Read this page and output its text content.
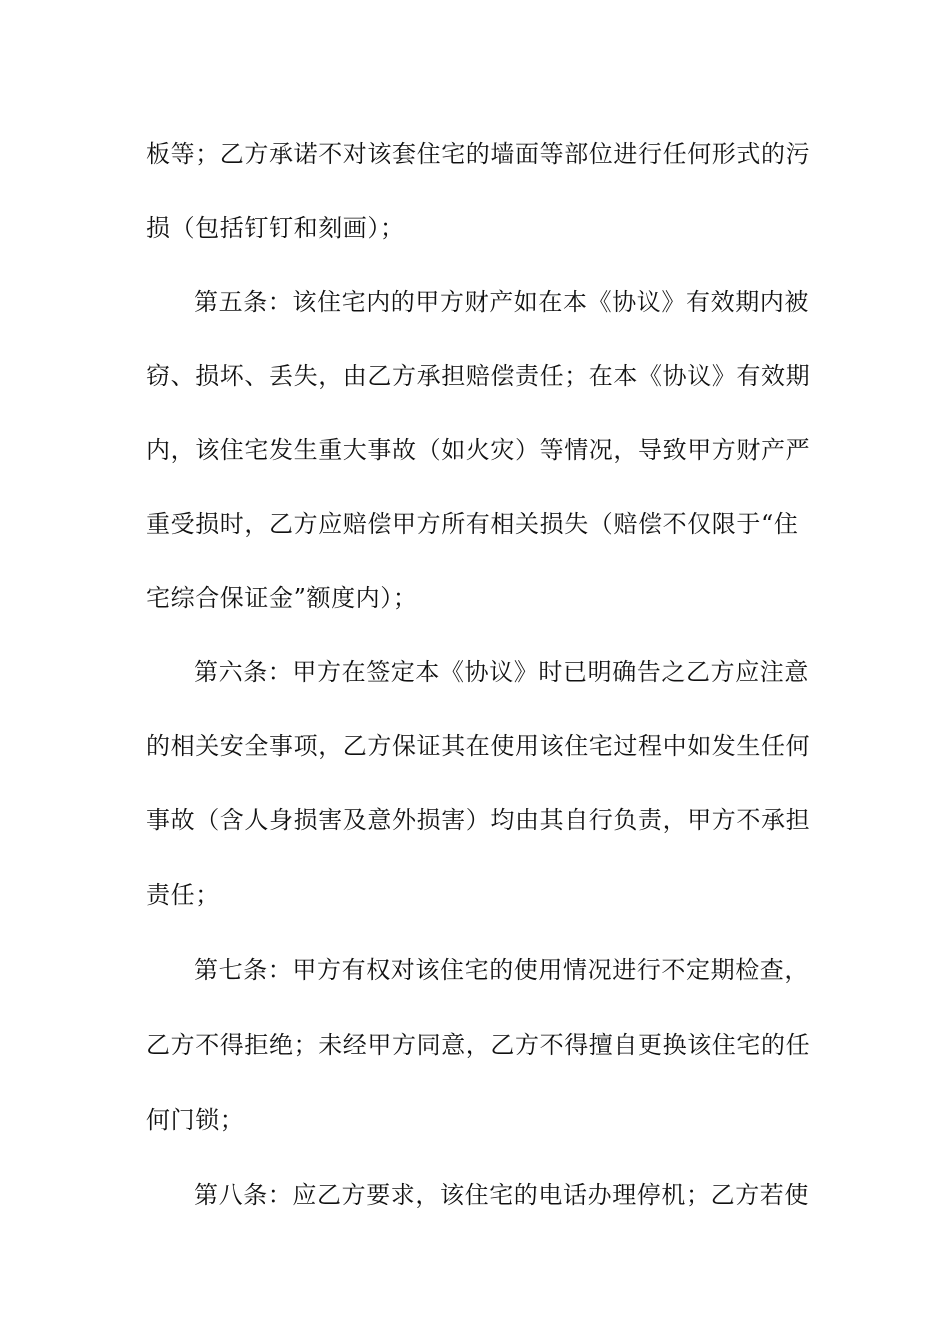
板等；乙方承诺不对该套住宅的墙面等部位进行任何形式的污
损（包括钉钉和刻画）；
第五条：该住宅内的甲方财产如在本《协议》有效期内被
窃、损坏、丢失，由乙方承担赔偿责任；在本《协议》有效期
内，该住宅发生重大事故（如火灾）等情况，导致甲方财产严
重受损时，乙方应赔偿甲方所有相关损失（赔偿不仅限于“住
宅综合保证金”额度内）；
第六条：甲方在签定本《协议》时已明确告之乙方应注意
的相关安全事项，乙方保证其在使用该住宅过程中如发生任何
事故（含人身损害及意外损害）均由其自行负责，甲方不承担
责任；
第七条：甲方有权对该住宅的使用情况进行不定期检查，
乙方不得拒绝；未经甲方同意，乙方不得擅自更换该住宅的任
何门锁；
第八条：应乙方要求，该住宅的电话办理停机；乙方若使
